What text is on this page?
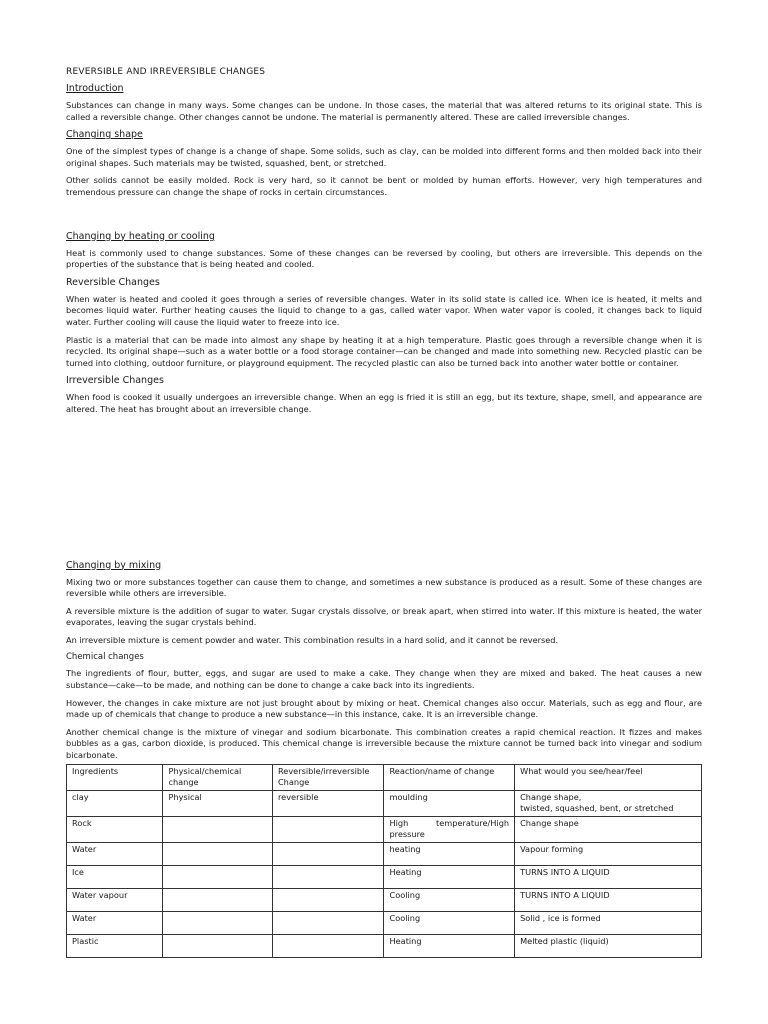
REVERSIBLE AND IRREVERSIBLE CHANGES
Introduction
Substances can change in many ways. Some changes can be undone. In those cases, the material that was altered returns to its original state. This is called a reversible change. Other changes cannot be undone. The material is permanently altered. These are called irreversible changes.
Changing shape
One of the simplest types of change is a change of shape. Some solids, such as clay, can be molded into different forms and then molded back into their original shapes. Such materials may be twisted, squashed, bent, or stretched.
Other solids cannot be easily molded. Rock is very hard, so it cannot be bent or molded by human efforts. However, very high temperatures and tremendous pressure can change the shape of rocks in certain circumstances.
Changing by heating or cooling
Heat is commonly used to change substances. Some of these changes can be reversed by cooling, but others are irreversible. This depends on the properties of the substance that is being heated and cooled.
Reversible Changes
When water is heated and cooled it goes through a series of reversible changes. Water in its solid state is called ice. When ice is heated, it melts and becomes liquid water. Further heating causes the liquid to change to a gas, called water vapor. When water vapor is cooled, it changes back to liquid water. Further cooling will cause the liquid water to freeze into ice.
Plastic is a material that can be made into almost any shape by heating it at a high temperature. Plastic goes through a reversible change when it is recycled. Its original shape—such as a water bottle or a food storage container—can be changed and made into something new. Recycled plastic can be turned into clothing, outdoor furniture, or playground equipment. The recycled plastic can also be turned back into another water bottle or container.
Irreversible Changes
When food is cooked it usually undergoes an irreversible change. When an egg is fried it is still an egg, but its texture, shape, smell, and appearance are altered. The heat has brought about an irreversible change.
Changing by mixing
Mixing two or more substances together can cause them to change, and sometimes a new substance is produced as a result. Some of these changes are reversible while others are irreversible.
A reversible mixture is the addition of sugar to water. Sugar crystals dissolve, or break apart, when stirred into water. If this mixture is heated, the water evaporates, leaving the sugar crystals behind.
An irreversible mixture is cement powder and water. This combination results in a hard solid, and it cannot be reversed.
Chemical changes
The ingredients of flour, butter, eggs, and sugar are used to make a cake. They change when they are mixed and baked. The heat causes a new substance—cake—to be made, and nothing can be done to change a cake back into its ingredients.
However, the changes in cake mixture are not just brought about by mixing or heat. Chemical changes also occur. Materials, such as egg and flour, are made up of chemicals that change to produce a new substance—in this instance, cake. It is an irreversible change.
Another chemical change is the mixture of vinegar and sodium bicarbonate. This combination creates a rapid chemical reaction. It fizzes and makes bubbles as a gas, carbon dioxide, is produced. This chemical change is irreversible because the mixture cannot be turned back into vinegar and sodium bicarbonate.
Ingredients	Physical/chemical change	Reversible/irreversible Change	Reaction/name of change	What would you see/hear/feel
clay	Physical	reversible	moulding	Change shape,
twisted, squashed, bent, or stretched
Rock			High temperature/High pressure	Change shape
Water			heating	Vapour forming
Ice			Heating	TURNS INTO A LIQUID
Water vapour			Cooling	TURNS INTO A LIQUID
Water			Cooling	Solid , ice is formed
Plastic			Heating	Melted plastic (liquid)
